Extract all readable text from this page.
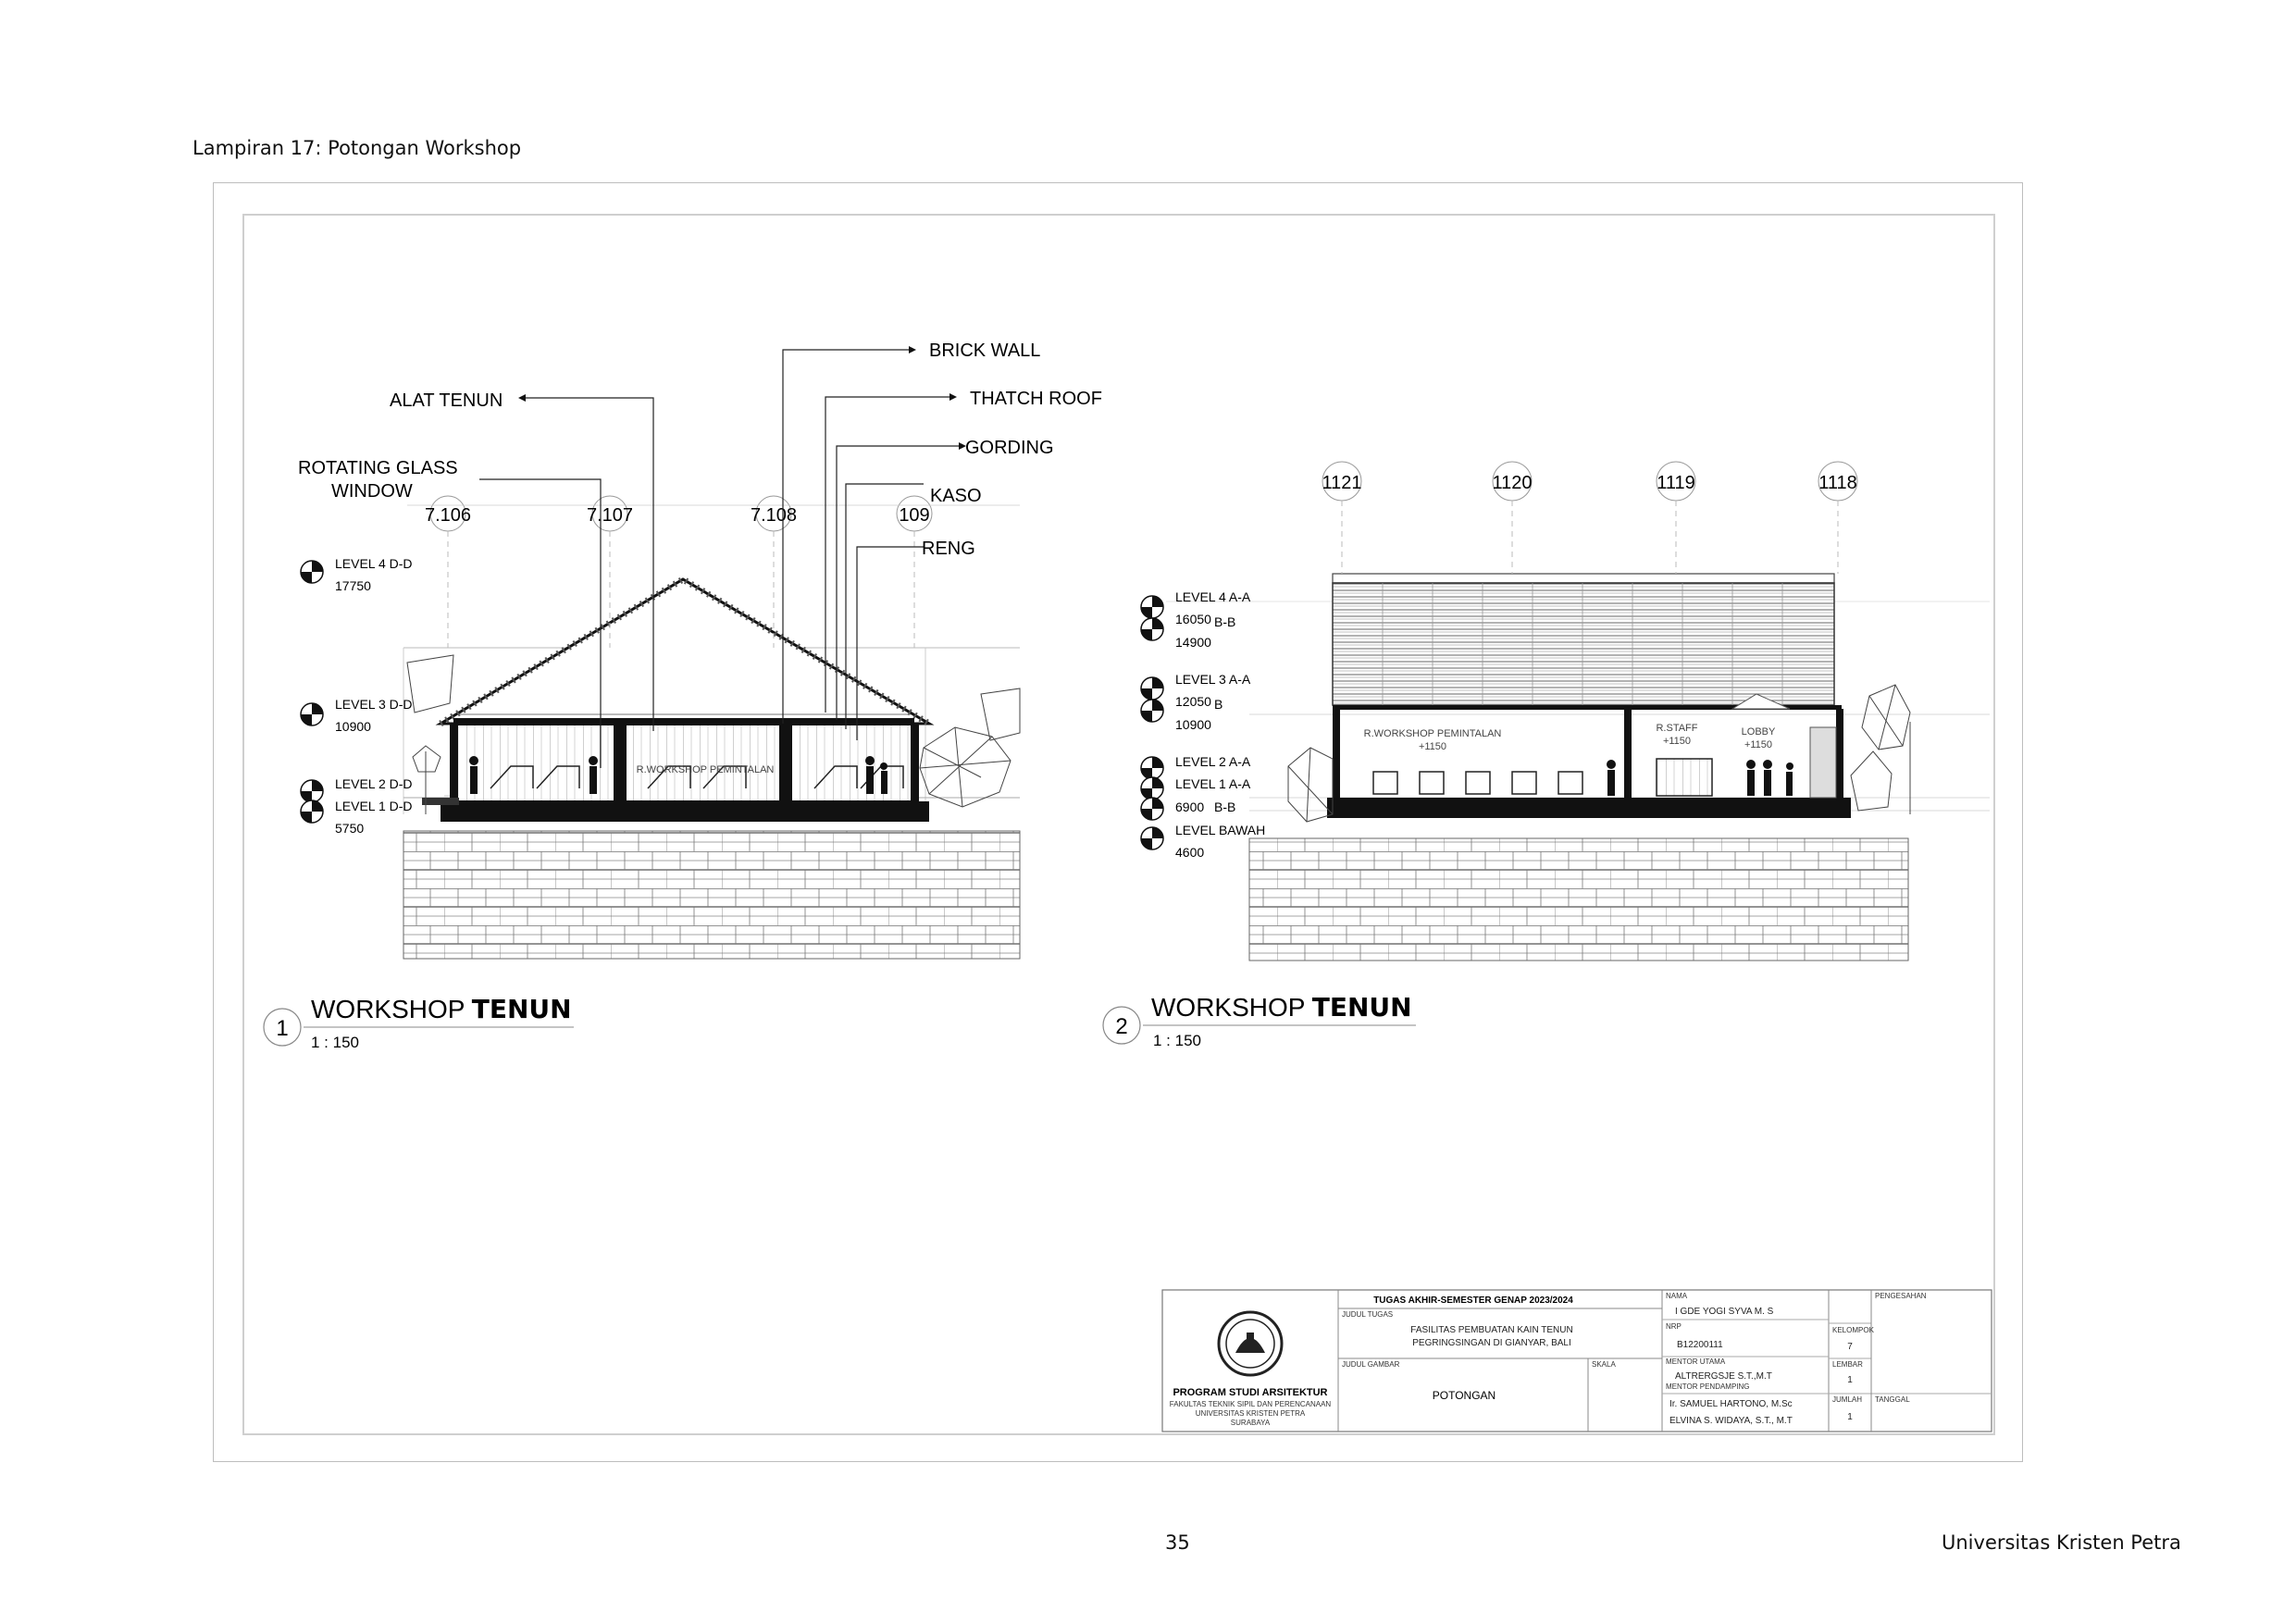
Lampiran 17: Potongan Workshop
7.106	7.107	7.108	109
BRICK WALL
THATCH ROOF
GORDING
KASO
RENG
ALAT TENUN
ROTATING GLASS
WINDOW
LEVEL 4 D-D
17750
LEVEL 3 D-D
10900
LEVEL 2 D-D
LEVEL 1 D-D
5750
R.WORKSHOP PEMINTALAN
1
WORKSHOP TENUN
1 : 150
1121	1120	1119	1118
LEVEL 4 A-A
16050 B-B
14900
LEVEL 3 A-A
12050 B
10900
LEVEL 2 A-A
LEVEL 1 A-A
6900 B-B
LEVEL BAWAH
4600
R.WORKSHOP PEMINTALAN
+1150
R.STAFF
+1150
LOBBY
+1150
2
WORKSHOP TENUN
1 : 150
PROGRAM STUDI ARSITEKTUR
FAKULTAS TEKNIK SIPIL DAN PERENCANAAN
UNIVERSITAS KRISTEN PETRA
SURABAYA
TUGAS AKHIR-SEMESTER GENAP 2023/2024
JUDUL TUGAS
FASILITAS PEMBUATAN KAIN TENUN
PEGRINGSINGAN DI GIANYAR, BALI
JUDUL GAMBAR
POTONGAN
SKALA
NAMA
I GDE YOGI SYVA M. S
NRP
B12200111
MENTOR UTAMA
ALTRERGSJE S.T.,M.T
MENTOR PENDAMPING
Ir. SAMUEL HARTONO, M.Sc
ELVINA S. WIDAYA, S.T., M.T
KELOMPOK
7
LEMBAR
1
JUMLAH
1
PENGESAHAN
TANGGAL
35	Universitas Kristen Petra
